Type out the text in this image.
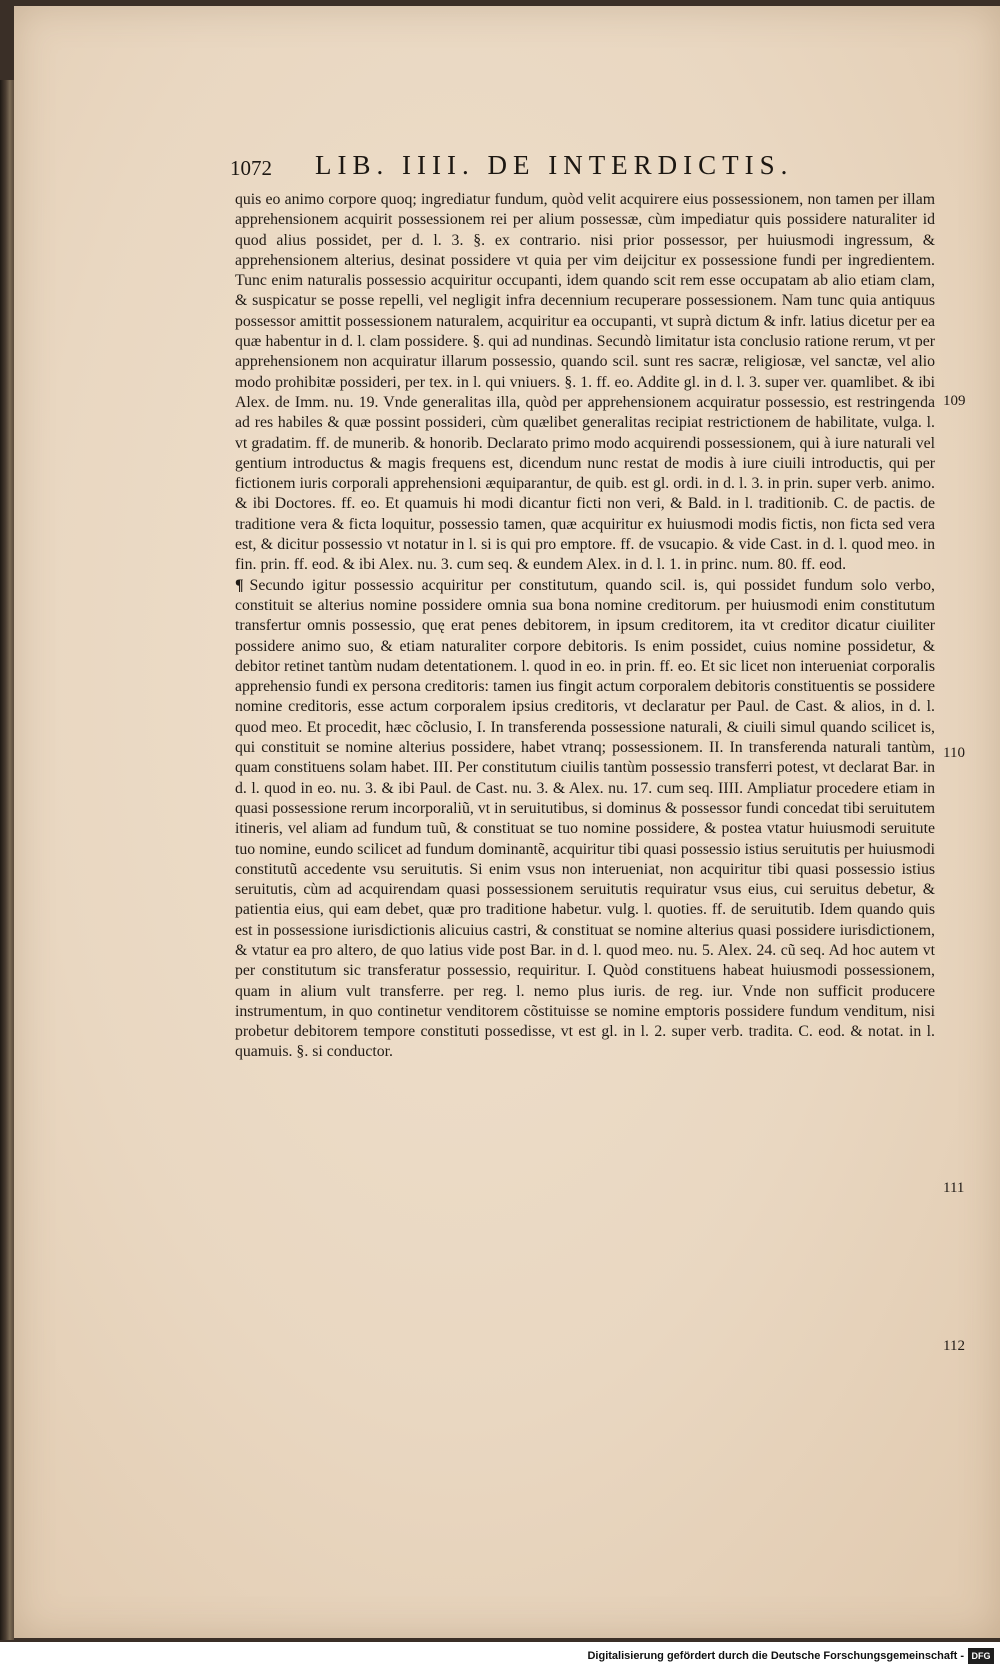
1072 LIB. IIII. DE INTERDICTIS.

quis eo animo corpore quoq; ingrediatur fundum, quòd velit acquirere eius possessionem, non tamen per illam apprehensionem acquirit possessionem rei per alium possessæ, cùm impediatur quis possidere naturaliter id quod alius possidet, per d. l. 3. §. ex contrario. nisi prior possessor, per huiusmodi ingressum, & apprehensionem alterius, desinat possidere vt quia per vim deijcitur ex possessione fundi per ingredientem. Tunc enim naturalis possessio acquiritur occupanti, idem quando scit rem esse occupatam ab alio etiam clam, & suspicatur se posse repelli, vel negligit infra decennium recuperare possessionem. Nam tunc quia antiquus possessor amittit possessionem naturalem, acquiritur ea occupanti, vt suprà dictum & infr. latius dicetur per ea quæ habentur in d. l. clam possidere. §. qui ad nundinas. Secundò limitatur ista conclusio ratione rerum, vt per apprehensionem non acquiratur illarum possessio, quando scil. sunt res sacræ, religiosæ, vel sanctæ, vel alio modo prohibitæ possideri, per tex. in l. qui vniuers. §. 1. ff. eo. Addite gl. in d. l. 3. super ver. quamlibet. & ibi Alex. de Imm. nu. 19. Vnde generalitas illa, quòd per apprehensionem acquiratur possessio, est restringenda ad res habiles & quæ possint possideri, cùm quælibet generalitas recipiat restrictionem de habilitate, vulga. l. vt gradatim. ff. de munerib. & honorib. Declarato primo modo acquirendi possessionem, qui à iure naturali vel gentium introductus & magis frequens est, dicendum nunc restat de modis à iure ciuili introductis, qui per fictionem iuris corporali apprehensioni æquiparantur, de quib. est gl. ordi. in d. l. 3. in prin. super verb. animo. & ibi Doctores. ff. eo. Et quamuis hi modi dicantur ficti non veri, & Bald. in l. traditionib. C. de pactis. de traditione vera & ficta loquitur, possessio tamen, quæ acquiritur ex huiusmodi modis fictis, non ficta sed vera est, & dicitur possessio vt notatur in l. si is qui pro emptore. ff. de vsucapio. & vide Cast. in d. l. quod meo. in fin. prin. ff. eod. & ibi Alex. nu. 3. cum seq. & eundem Alex. in d. l. 1. in princ. num. 80. ff. eod.

¶ Secundo igitur possessio acquiritur per constitutum, quando scil. is, qui possidet fundum solo verbo, constituit se alterius nomine possidere omnia sua bona nomine creditorum. per huiusmodi enim constitutum transfertur omnis possessio, quę erat penes debitorem, in ipsum creditorem, ita vt creditor dicatur ciuiliter possidere animo suo, & etiam naturaliter corpore debitoris. Is enim possidet, cuius nomine possidetur, & debitor retinet tantùm nudam detentationem. l. quod in eo. in prin. ff. eo. Et sic licet non interueniat corporalis apprehensio fundi ex persona creditoris: tamen ius fingit actum corporalem debitoris constituentis se possidere nomine creditoris, esse actum corporalem ipsius creditoris, vt declaratur per Paul. de Cast. & alios, in d. l. quod meo. Et procedit, hæc cõclusio, I. In transferenda possessione naturali, & ciuili simul quando scilicet is, qui constituit se nomine alterius possidere, habet vtranq; possessionem. II. In transferenda naturali tantùm, quam constituens solam habet. III. Per constitutum ciuilis tantùm possessio transferri potest, vt declarat Bar. in d. l. quod in eo. nu. 3. & ibi Paul. de Cast. nu. 3. & Alex. nu. 17. cum seq. IIII. Ampliatur procedere etiam in quasi possessione rerum incorporaliũ, vt in seruitutibus, si dominus & possessor fundi concedat tibi seruitutem itineris, vel aliam ad fundum tuũ, & constituat se tuo nomine possidere, & postea vtatur huiusmodi seruitute tuo nomine, eundo scilicet ad fundum dominantẽ, acquiritur tibi quasi possessio istius seruitutis per huiusmodi constitutũ accedente vsu seruitutis. Si enim vsus non interueniat, non acquiritur tibi quasi possessio istius seruitutis, cùm ad acquirendam quasi possessionem seruitutis requiratur vsus eius, cui seruitus debetur, & patientia eius, qui eam debet, quæ pro traditione habetur. vulg. l. quoties. ff. de seruitutib. Idem quando quis est in possessione iurisdictionis alicuius castri, & constituat se nomine alterius quasi possidere iurisdictionem, & vtatur ea pro altero, de quo latius vide post Bar. in d. l. quod meo. nu. 5. Alex. 24. cũ seq. Ad hoc autem vt per constitutum sic transferatur possessio, requiritur. I. Quòd constituens habeat huiusmodi possessionem, quam in alium vult transferre. per reg. l. nemo plus iuris. de reg. iur. Vnde non sufficit producere instrumentum, in quo continetur venditorem cõstituisse se nomine emptoris possidere fundum venditum, nisi probetur debitorem tempore constituti possedisse, vt est gl. in l. 2. super verb. tradita. C. eod. & notat. in l. quamuis. §. si conductor.

109
110
111
112
Digitalisierung gefördert durch die Deutsche Forschungsgemeinschaft - DFG
